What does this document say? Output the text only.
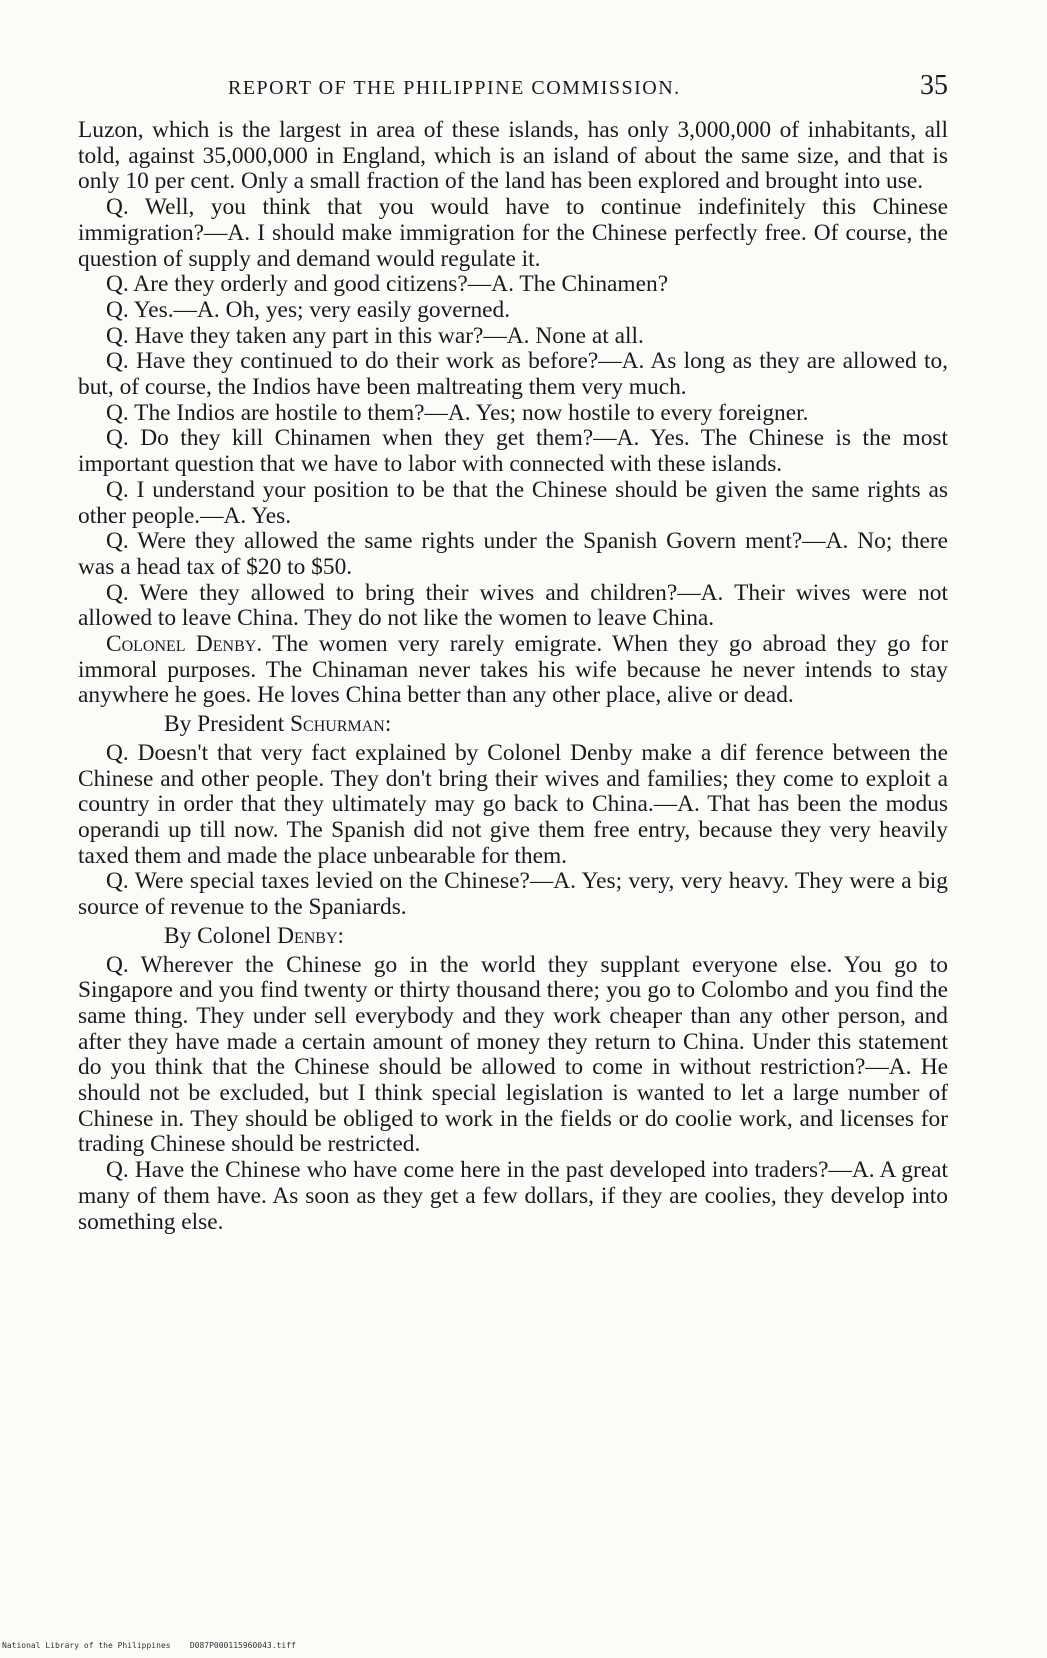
REPORT OF THE PHILIPPINE COMMISSION.	35

Luzon, which is the largest in area of these islands, has only 3,000,000 of inhabitants, all told, against 35,000,000 in England, which is an island of about the same size, and that is only 10 per cent. Only a small fraction of the land has been explored and brought into use.

Q. Well, you think that you would have to continue indefinitely this Chinese immigration?—A. I should make immigration for the Chinese perfectly free. Of course, the question of supply and demand would regulate it.

Q. Are they orderly and good citizens?—A. The Chinamen?

Q. Yes.—A. Oh, yes; very easily governed.

Q. Have they taken any part in this war?—A. None at all.

Q. Have they continued to do their work as before?—A. As long as they are allowed to, but, of course, the Indios have been maltreating them very much.

Q. The Indios are hostile to them?—A. Yes; now hostile to every foreigner.

Q. Do they kill Chinamen when they get them?—A. Yes. The Chinese is the most important question that we have to labor with connected with these islands.

Q. I understand your position to be that the Chinese should be given the same rights as other people.—A. Yes.

Q. Were they allowed the same rights under the Spanish Govern ment?—A. No; there was a head tax of $20 to $50.

Q. Were they allowed to bring their wives and children?—A. Their wives were not allowed to leave China. They do not like the women to leave China.

Colonel Denby. The women very rarely emigrate. When they go abroad they go for immoral purposes. The Chinaman never takes his wife because he never intends to stay anywhere he goes. He loves China better than any other place, alive or dead.

By President Schurman:

Q. Doesn't that very fact explained by Colonel Denby make a dif ference between the Chinese and other people. They don't bring their wives and families; they come to exploit a country in order that they ultimately may go back to China.—A. That has been the modus operandi up till now. The Spanish did not give them free entry, because they very heavily taxed them and made the place unbearable for them.

Q. Were special taxes levied on the Chinese?—A. Yes; very, very heavy. They were a big source of revenue to the Spaniards.

By Colonel Denby:

Q. Wherever the Chinese go in the world they supplant everyone else. You go to Singapore and you find twenty or thirty thousand there; you go to Colombo and you find the same thing. They under sell everybody and they work cheaper than any other person, and after they have made a certain amount of money they return to China. Under this statement do you think that the Chinese should be allowed to come in without restriction?—A. He should not be excluded, but I think special legislation is wanted to let a large number of Chinese in. They should be obliged to work in the fields or do coolie work, and licenses for trading Chinese should be restricted.

Q. Have the Chinese who have come here in the past developed into traders?—A. A great many of them have. As soon as they get a few dollars, if they are coolies, they develop into something else.

National Library of the Philippines D087P000115960043.tiff
